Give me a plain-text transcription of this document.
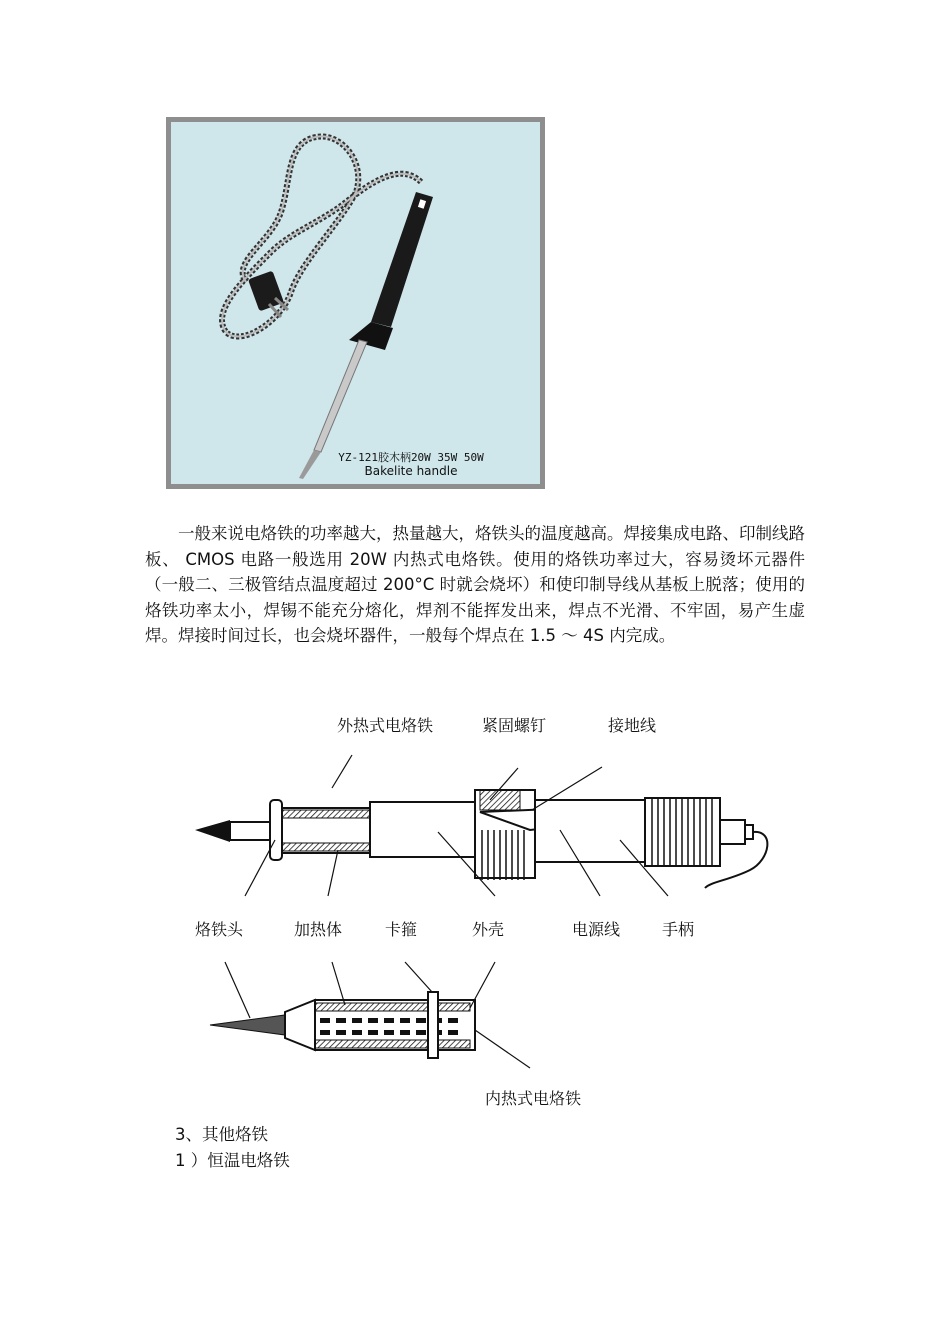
YZ-121胶木柄20W 35W 50W
Bakelite handle

一般来说电烙铁的功率越大，热量越大，烙铁头的温度越高。焊接集成电路、印制线路板、 CMOS 电路一般选用 20W 内热式电烙铁。使用的烙铁功率过大，容易烫坏元器件（一般二、三极管结点温度超过 200°C 时就会烧坏）和使印制导线从基板上脱落；使用的烙铁功率太小，焊锡不能充分熔化，焊剂不能挥发出来，焊点不光滑、不牢固，易产生虚焊。焊接时间过长，也会烧坏器件，一般每个焊点在 1.5 ～ 4S 内完成。

外热式电烙铁	紧固螺钉	接地线
烙铁头	加热体	卡箍	外壳	电源线	手柄
内热式电烙铁
3、其他烙铁
1 ）恒温电烙铁
